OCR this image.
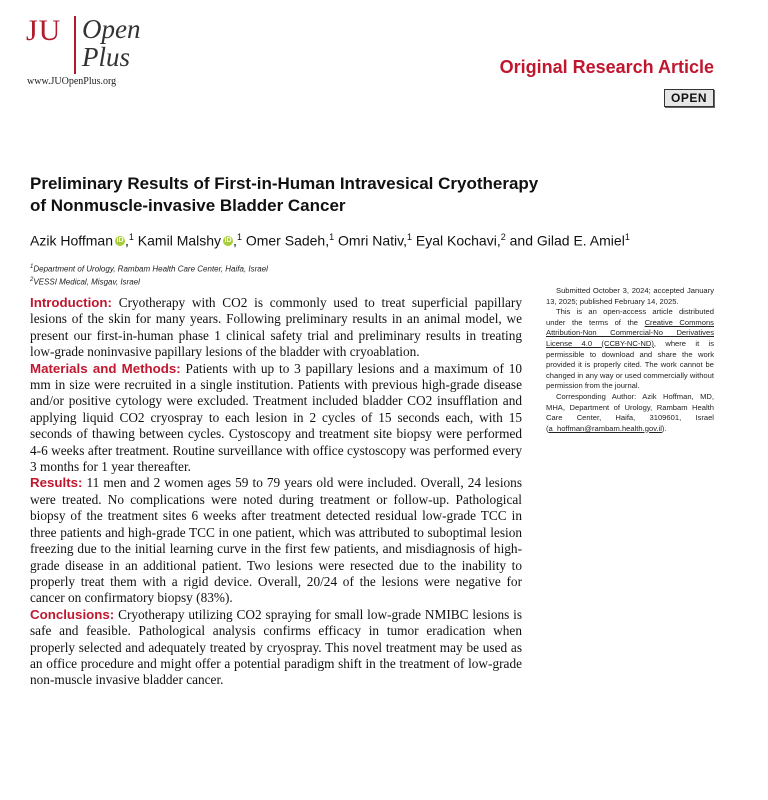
JU Open
Plus
www.JUOpenPlus.org
Original Research Article
OPEN
Preliminary Results of First-in-Human Intravesical Cryotherapy of Nonmuscle-invasive Bladder Cancer
Azik Hoffman iD ,$^1$ Kamil Malshy iD ,$^1$ Omer Sadeh,$^1$ Omri Nativ,$^1$ Eyal Kochavi,$^2$ and Gilad E. Amiel$^1$
$^1$Department of Urology, Rambam Health Care Center, Haifa, Israel
$^2$VESSI Medical, Misgav, Israel

Introduction: Cryotherapy with CO2 is commonly used to treat superficial papillary lesions of the skin for many years. Following preliminary results in an animal model, we present our first-in-human phase 1 clinical safety trial and preliminary results in treating low-grade noninvasive papillary lesions of the bladder with cryoablation.

Materials and Methods: Patients with up to 3 papillary lesions and a maximum of 10 mm in size were recruited in a single institution. Patients with previous high-grade disease and/or positive cytology were excluded. Treatment included bladder CO2 insufflation and applying liquid CO2 cryospray to each lesion in 2 cycles of 15 seconds each, with 15 seconds of thawing between cycles. Cystoscopy and treatment site biopsy were performed 4-6 weeks after treatment. Routine surveillance with office cystoscopy was performed every 3 months for 1 year thereafter.

Results: 11 men and 2 women ages 59 to 79 years old were included. Overall, 24 lesions were treated. No complications were noted during treatment or follow-up. Pathological biopsy of the treatment sites 6 weeks after treatment detected residual low-grade TCC in three patients and high-grade TCC in one patient, which was attributed to suboptimal lesion freezing due to the initial learning curve in the first few patients, and misdiagnosis of high-grade disease in an additional patient. Two lesions were resected due to the inability to properly treat them with a rigid device. Overall, 20/24 of the lesions were negative for cancer on confirmatory biopsy (83%).

Conclusions: Cryotherapy utilizing CO2 spraying for small low-grade NMIBC lesions is safe and feasible. Pathological analysis confirms efficacy in tumor eradication when properly selected and adequately treated by cryospray. This novel treatment may be used as an office procedure and might offer a potential paradigm shift in the treatment of low-grade non-muscle invasive bladder cancer.

Submitted October 3, 2024; accepted January 13, 2025; published February 14, 2025.

This is an open-access article distributed under the terms of the Creative Commons Attribution-Non Commercial-No Derivatives License 4.0 (CCBY-NC-ND), where it is permissible to download and share the work provided it is properly cited. The work cannot be changed in any way or used commercially without permission from the journal.

Corresponding Author: Azik Hoffman, MD, MHA, Department of Urology, Rambam Health Care Center, Haifa, 3109601, Israel (a_hoffman@rambam.health.gov.il).
